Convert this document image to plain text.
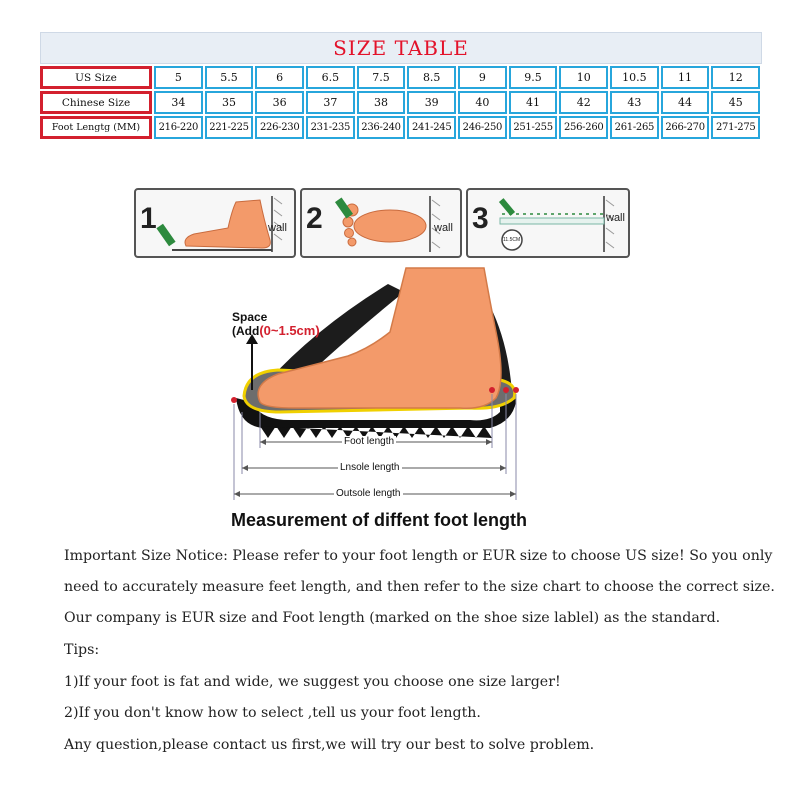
SIZE TABLE
US Size	5	5.5	6	6.5	7.5	8.5	9	9.5	10	10.5	11	12
Chinese Size	34	35	36	37	38	39	40	41	42	43	44	45
Foot Lengtg (MM)	216-220	221-225	226-230	231-235	236-240	241-245	246-250	251-255	256-260	261-265	266-270	271-275
1	wall 2	wall 3	wall
11.5CM
Space
(Add(0~1.5cm)
Foot length
Lnsole length
Outsole length
Measurement of diffent foot length
Important Size Notice: Please refer to your foot length or EUR size to choose US size! So you only
need to accurately measure feet length, and then refer to the size chart to choose the correct size.
Our company is EUR size and Foot length (marked on the shoe size lablel) as the standard.
Tips:
1)If your foot is fat and wide, we suggest you choose one size larger!
2)If you don't know how to select ,tell us your foot length.
Any question,please contact us first,we will try our best to solve problem.
